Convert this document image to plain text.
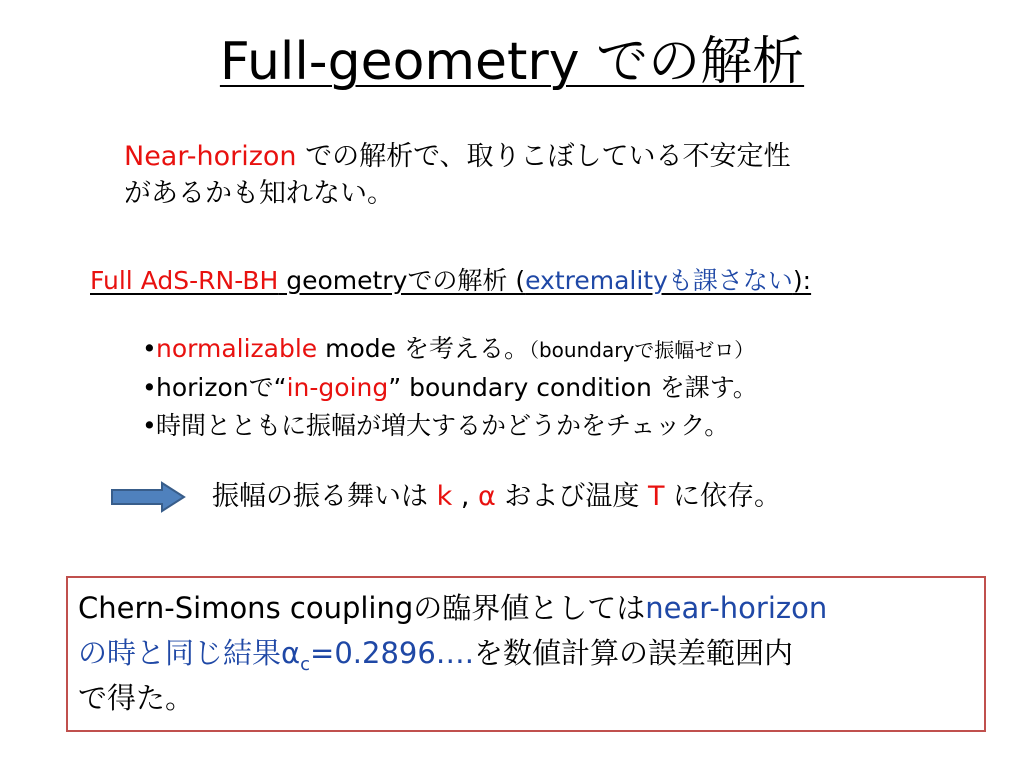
Full-geometry での解析
Near-horizon での解析で、取りこぼしている不安定性
があるかも知れない。
Full AdS-RN-BH geometryでの解析 (extremalityも課さない):
•normalizable mode を考える。（boundaryで振幅ゼロ）
•horizonで“in-going” boundary condition を課す。
•時間とともに振幅が増大するかどうかをチェック。
振幅の振る舞いは k , α および温度 T に依存。
Chern-Simons couplingの臨界値としてはnear-horizon
の時と同じ結果$\alpha_c=0.2896\dots$.を数値計算の誤差範囲内
で得た。
